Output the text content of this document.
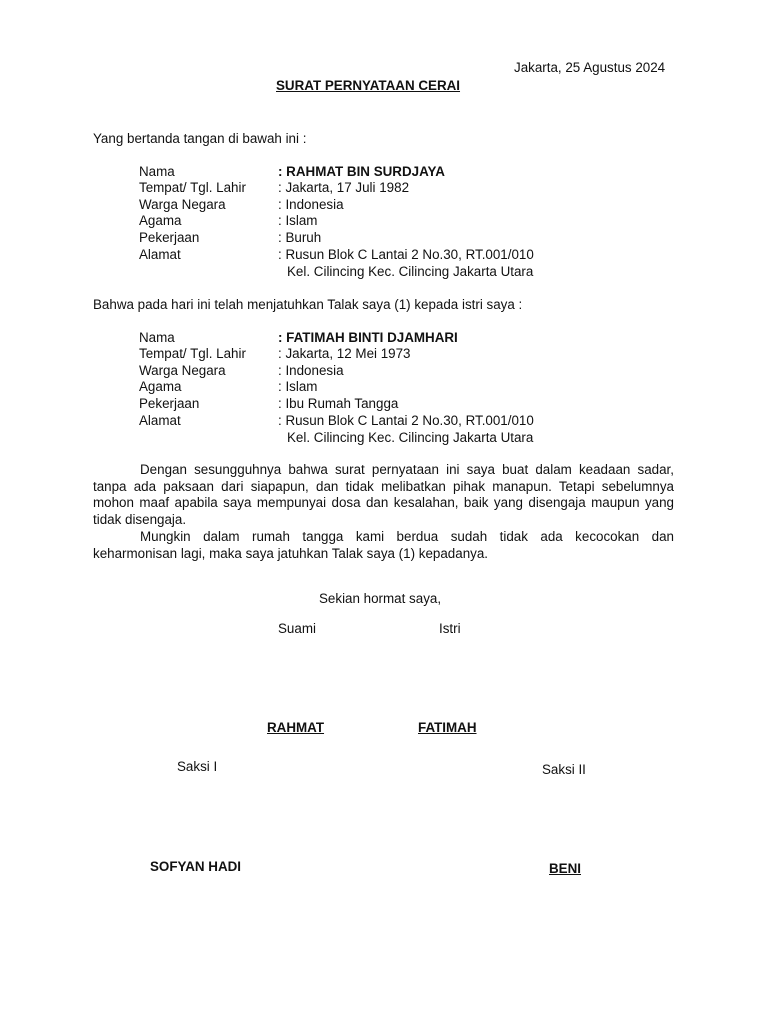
Jakarta, 25 Agustus 2024
SURAT PERNYATAAN CERAI
Yang bertanda tangan di bawah ini :
Nama	: RAHMAT BIN SURDJAYA
Tempat/ Tgl. Lahir : Jakarta, 17 Juli 1982
Warga Negara	: Indonesia
Agama	: Islam
Pekerjaan	: Buruh
Alamat	: Rusun Blok C Lantai 2 No.30, RT.001/010
Kel. Cilincing Kec. Cilincing Jakarta Utara
Bahwa pada hari ini telah menjatuhkan Talak saya (1) kepada istri saya :
Nama	: FATIMAH BINTI DJAMHARI
Tempat/ Tgl. Lahir : Jakarta, 12 Mei 1973
Warga Negara	: Indonesia
Agama	: Islam
Pekerjaan	: Ibu Rumah Tangga
Alamat	: Rusun Blok C Lantai 2 No.30, RT.001/010
Kel. Cilincing Kec. Cilincing Jakarta Utara
Dengan sesungguhnya bahwa surat pernyataan ini saya buat dalam keadaan sadar, tanpa ada paksaan dari siapapun, dan tidak melibatkan pihak manapun. Tetapi sebelumnya mohon maaf apabila saya mempunyai dosa dan kesalahan, baik yang disengaja maupun yang tidak disengaja.
Mungkin dalam rumah tangga kami berdua sudah tidak ada kecocokan dan keharmonisan lagi, maka saya jatuhkan Talak saya (1) kepadanya.
Sekian hormat saya,
Suami	Istri
RAHMAT	FATIMAH
Saksi I	Saksi II
SOFYAN HADI	BENI
